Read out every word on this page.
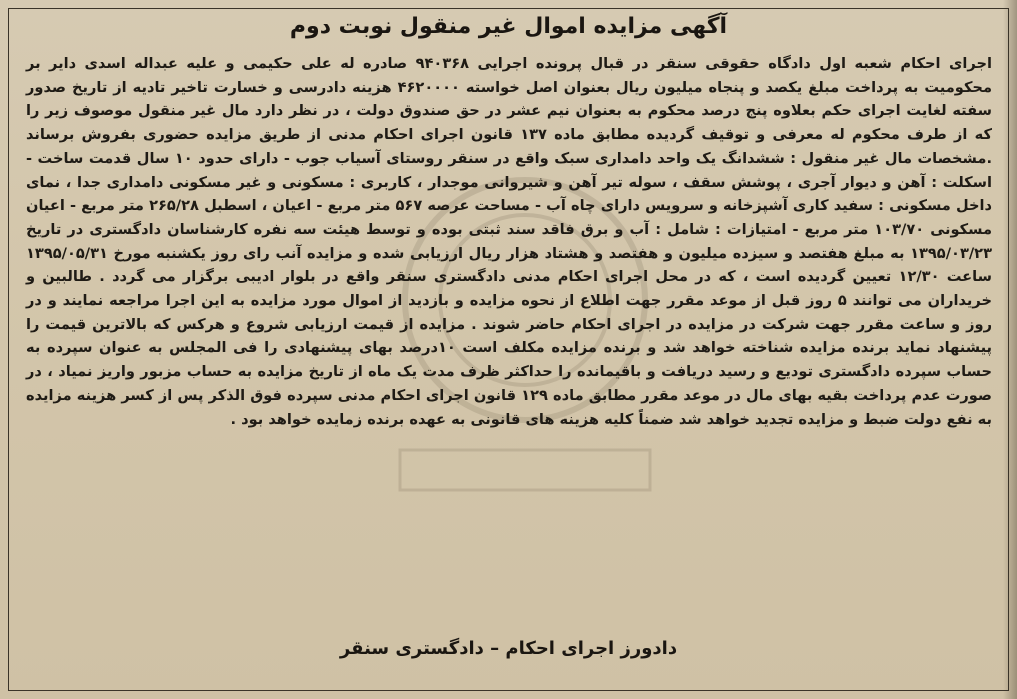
آگهی مزایده اموال غیر منقول نوبت دوم
اجرای احکام شعبه اول دادگاه حقوقی سنقر در قبال پرونده اجرایی ۹۴۰۳۶۸ صادره له علی حکیمی و علیه عبداله اسدی دایر بر محکومیت به پرداخت مبلغ یکصد و پنجاه میلیون ریال بعنوان اصل خواسته ۴۶۲۰۰۰۰ هزینه دادرسی و خسارت تاخیر تادیه از تاریخ صدور سفته لغایت اجرای حکم بعلاوه پنج درصد محکوم به بعنوان نیم عشر در حق صندوق دولت ، در نظر دارد مال غیر منقول موصوف زیر را که از طرف محکوم له معرفی و توقیف گردیده مطابق ماده ۱۳۷ قانون اجرای احکام مدنی از طریق مزایده حضوری بفروش برساند .مشخصات مال غیر منقول : ششدانگ یک واحد دامداری سبک واقع در سنقر روستای آسیاب جوب - دارای حدود ۱۰ سال قدمت ساخت - اسکلت : آهن و دیوار آجری ، پوشش سقف ، سوله تیر آهن و شیروانی موجدار ، کاربری : مسکونی و غیر مسکونی دامداری جدا ، نمای داخل مسکونی : سفید کاری آشپزخانه و سرویس دارای چاه آب - مساحت عرصه ۵۶۷ متر مربع - اعیان ، اسطبل ۲۶۵/۲۸ متر مربع - اعیان مسکونی ۱۰۳/۷۰ متر مربع - امتیازات : شامل : آب و برق فاقد سند ثبتی بوده و توسط هیئت سه نفره کارشناسان دادگستری در تاریخ ۱۳۹۵/۰۳/۲۳ به مبلغ هفتصد و سیزده میلیون و هفتصد و هشتاد هزار ریال ارزیابی شده و مزایده آنب رای روز یکشنبه مورخ ۱۳۹۵/۰۵/۳۱ ساعت ۱۲/۳۰ تعیین گردیده است ، که در محل اجرای احکام مدنی دادگستری سنقر واقع در بلوار ادیبی برگزار می گردد . طالبین و خریداران می توانند ۵ روز قبل از موعد مقرر جهت اطلاع از نحوه مزایده و بازدید از اموال مورد مزایده به این اجرا مراجعه نمایند و در روز و ساعت مقرر جهت شرکت در مزایده در اجرای احکام حاضر شوند . مزایده از قیمت ارزیابی شروع و هرکس که بالاترین قیمت را پیشنهاد نماید برنده مزایده شناخته خواهد شد و برنده مزایده مکلف است ۱۰درصد بهای پیشنهادی را فی المجلس به عنوان سپرده به حساب سپرده دادگستری تودیع و رسید دریافت و باقیمانده را حداکثر ظرف مدت یک ماه از تاریخ مزایده به حساب مزبور واریز نمیاد ، در صورت عدم پرداخت بقیه بهای مال در موعد مقرر مطابق ماده ۱۲۹ قانون اجرای احکام مدنی سپرده فوق الذکر پس از کسر هزینه مزایده به نفع دولت ضبط و مزایده تجدید خواهد شد ضمناً کلیه هزینه های قانونی به عهده برنده زمایده خواهد بود .
دادورز اجرای احکام – دادگستری سنقر
